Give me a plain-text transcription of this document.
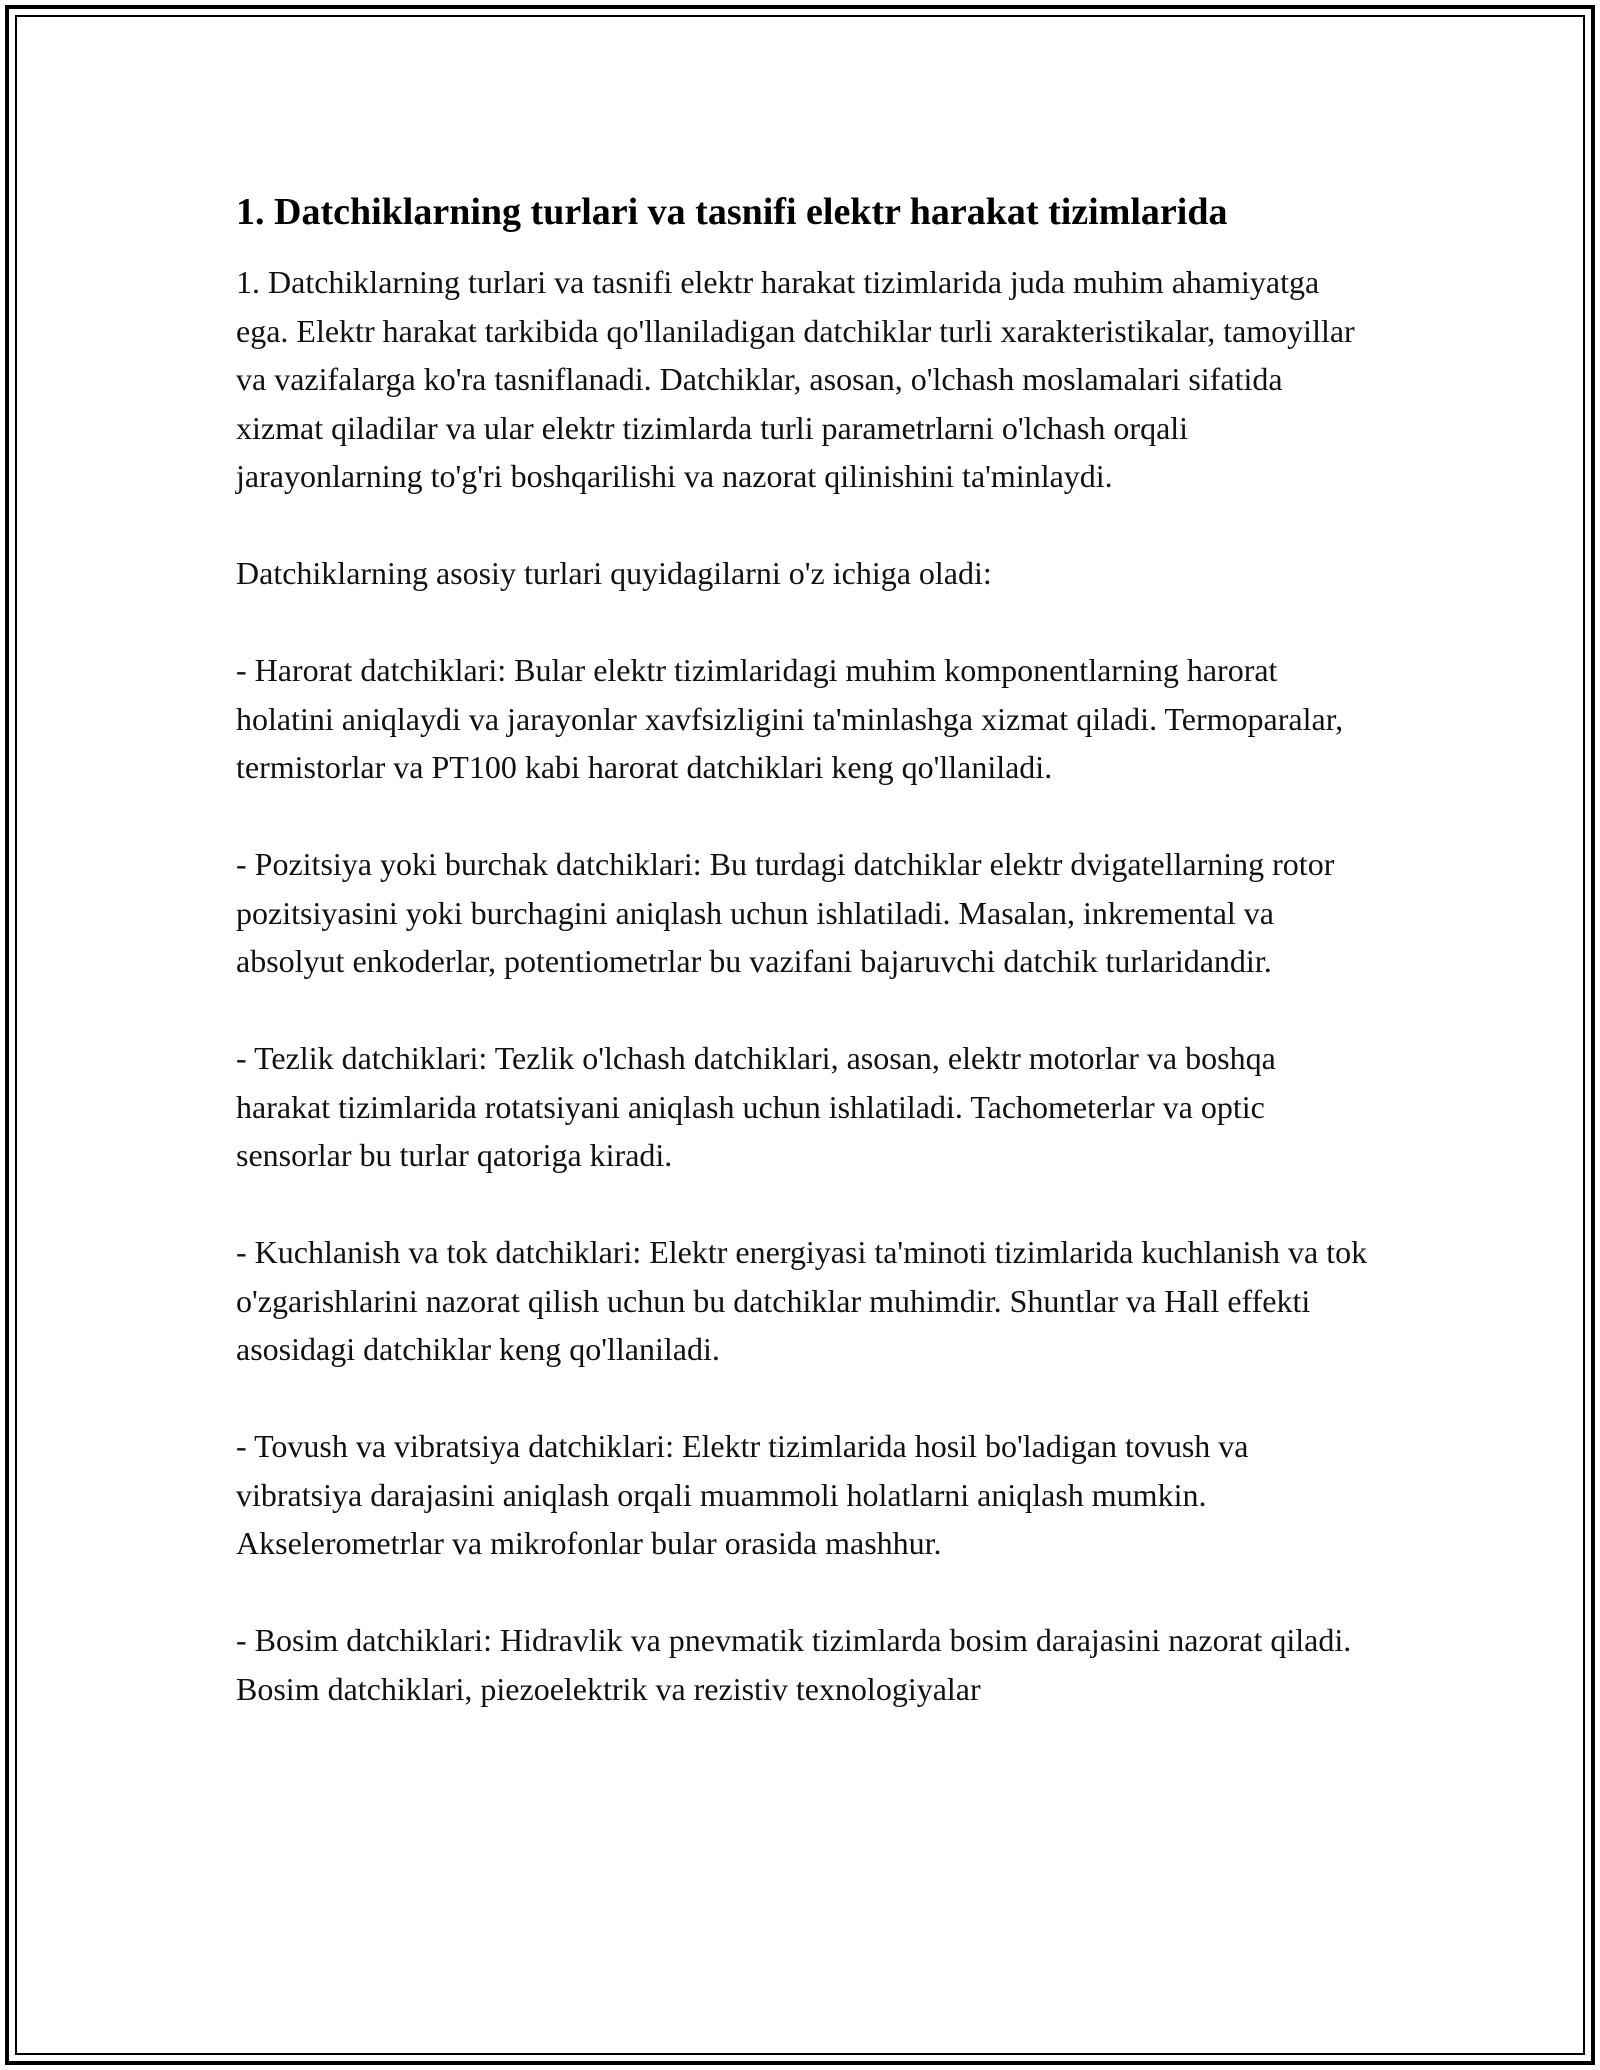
1. Datchiklarning turlari va tasnifi elektr harakat tizimlarida

1. Datchiklarning turlari va tasnifi elektr harakat tizimlarida juda muhim ahamiyatga ega. Elektr harakat tarkibida qo'llaniladigan datchiklar turli xarakteristikalar, tamoyillar va vazifalarga ko'ra tasniflanadi. Datchiklar, asosan, o'lchash moslamalari sifatida xizmat qiladilar va ular elektr tizimlarda turli parametrlarni o'lchash orqali jarayonlarning to'g'ri boshqarilishi va nazorat qilinishini ta'minlaydi.

Datchiklarning asosiy turlari quyidagilarni o'z ichiga oladi:

- Harorat datchiklari: Bular elektr tizimlaridagi muhim komponentlarning harorat holatini aniqlaydi va jarayonlar xavfsizligini ta'minlashga xizmat qiladi. Termoparalar, termistorlar va PT100 kabi harorat datchiklari keng qo'llaniladi.

- Pozitsiya yoki burchak datchiklari: Bu turdagi datchiklar elektr dvigatellarning rotor pozitsiyasini yoki burchagini aniqlash uchun ishlatiladi. Masalan, inkremental va absolyut enkoderlar, potentiometrlar bu vazifani bajaruvchi datchik turlaridandir.

- Tezlik datchiklari: Tezlik o'lchash datchiklari, asosan, elektr motorlar va boshqa harakat tizimlarida rotatsiyani aniqlash uchun ishlatiladi. Tachometerlar va optic sensorlar bu turlar qatoriga kiradi.

- Kuchlanish va tok datchiklari: Elektr energiyasi ta'minoti tizimlarida kuchlanish va tok o'zgarishlarini nazorat qilish uchun bu datchiklar muhimdir. Shuntlar va Hall effekti asosidagi datchiklar keng qo'llaniladi.

- Tovush va vibratsiya datchiklari: Elektr tizimlarida hosil bo'ladigan tovush va vibratsiya darajasini aniqlash orqali muammoli holatlarni aniqlash mumkin. Akselerometrlar va mikrofonlar bular orasida mashhur.

- Bosim datchiklari: Hidravlik va pnevmatik tizimlarda bosim darajasini nazorat qiladi. Bosim datchiklari, piezoelektrik va rezistiv texnologiyalar
